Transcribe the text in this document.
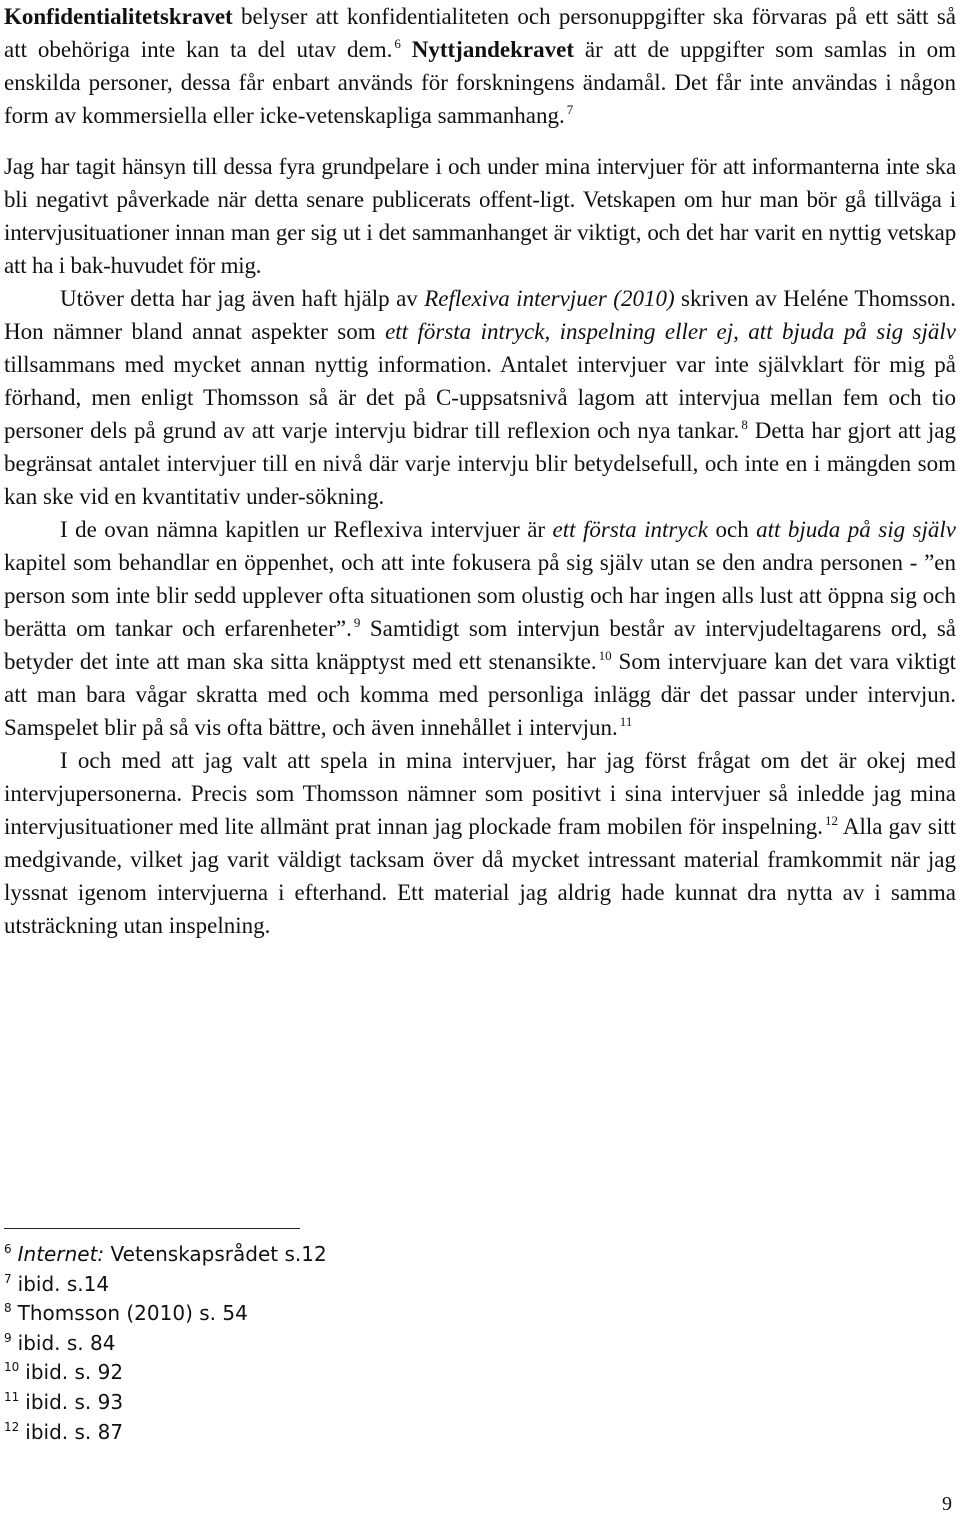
Konfidentialitetskravet belyser att konfidentialiteten och personuppgifter ska förvaras på ett sätt så att obehöriga inte kan ta del utav dem. $^6$ Nyttjandekravet är att de uppgifter som samlas in om enskilda personer, dessa får enbart används för forskningens ändamål. Det får inte användas i någon form av kommersiella eller icke-vetenskapliga sammanhang. $^7$

Jag har tagit hänsyn till dessa fyra grundpelare i och under mina intervjuer för att informanterna inte ska bli negativt påverkade när detta senare publicerats offent-ligt. Vetskapen om hur man bör gå tillväga i intervjusituationer innan man ger sig ut i det sammanhanget är viktigt, och det har varit en nyttig vetskap att ha i bak-huvudet för mig.

Utöver detta har jag även haft hjälp av Reflexiva intervjuer (2010) skriven av Heléne Thomsson. Hon nämner bland annat aspekter som ett första intryck, inspelning eller ej, att bjuda på sig själv tillsammans med mycket annan nyttig information. Antalet intervjuer var inte självklart för mig på förhand, men enligt Thomsson så är det på C-uppsatsnivå lagom att intervjua mellan fem och tio personer dels på grund av att varje intervju bidrar till reflexion och nya tankar. $^8$ Detta har gjort att jag begränsat antalet intervjuer till en nivå där varje intervju blir betydelsefull, och inte en i mängden som kan ske vid en kvantitativ under-sökning.

I de ovan nämna kapitlen ur Reflexiva intervjuer är ett första intryck och att bjuda på sig själv kapitel som behandlar en öppenhet, och att inte fokusera på sig själv utan se den andra personen - ”en person som inte blir sedd upplever ofta situationen som olustig och har ingen alls lust att öppna sig och berätta om tankar och erfarenheter”. $^9$ Samtidigt som intervjun består av intervjudeltagarens ord, så betyder det inte att man ska sitta knäpptyst med ett stenansikte. $^{10}$ Som intervjuare kan det vara viktigt att man bara vågar skratta med och komma med personliga inlägg där det passar under intervjun. Samspelet blir på så vis ofta bättre, och även innehållet i intervjun. $^{11}$

I och med att jag valt att spela in mina intervjuer, har jag först frågat om det är okej med intervjupersonerna. Precis som Thomsson nämner som positivt i sina intervjuer så inledde jag mina intervjusituationer med lite allmänt prat innan jag plockade fram mobilen för inspelning. $^{12}$ Alla gav sitt medgivande, vilket jag varit väldigt tacksam över då mycket intressant material framkommit när jag lyssnat igenom intervjuerna i efterhand. Ett material jag aldrig hade kunnat dra nytta av i samma utsträckning utan inspelning.

$^6$ Internet: Vetenskapsrådet s.12
$^7$ ibid. s.14
$^8$ Thomsson (2010) s. 54
$^9$ ibid. s. 84
$^{10}$ ibid. s. 92
$^{11}$ ibid. s. 93
$^{12}$ ibid. s. 87
9
